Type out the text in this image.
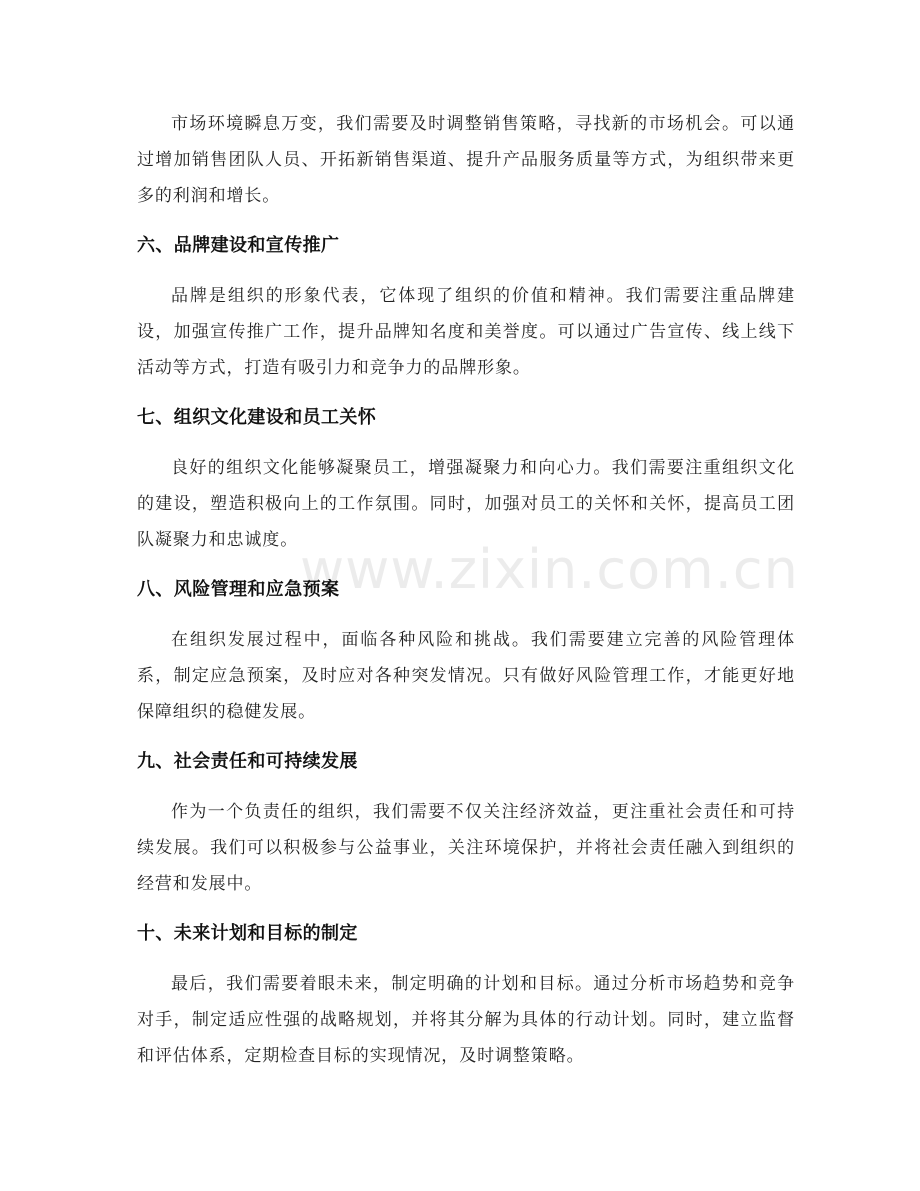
www.zixin.com.cn

市场环境瞬息万变，我们需要及时调整销售策略，寻找新的市场机会。可以通过增加销售团队人员、开拓新销售渠道、提升产品服务质量等方式，为组织带来更多的利润和增长。

六、品牌建设和宣传推广

品牌是组织的形象代表，它体现了组织的价值和精神。我们需要注重品牌建设，加强宣传推广工作，提升品牌知名度和美誉度。可以通过广告宣传、线上线下活动等方式，打造有吸引力和竞争力的品牌形象。

七、组织文化建设和员工关怀

良好的组织文化能够凝聚员工，增强凝聚力和向心力。我们需要注重组织文化的建设，塑造积极向上的工作氛围。同时，加强对员工的关怀和关怀，提高员工团队凝聚力和忠诚度。

八、风险管理和应急预案

在组织发展过程中，面临各种风险和挑战。我们需要建立完善的风险管理体系，制定应急预案，及时应对各种突发情况。只有做好风险管理工作，才能更好地保障组织的稳健发展。

九、社会责任和可持续发展

作为一个负责任的组织，我们需要不仅关注经济效益，更注重社会责任和可持续发展。我们可以积极参与公益事业，关注环境保护，并将社会责任融入到组织的经营和发展中。

十、未来计划和目标的制定

最后，我们需要着眼未来，制定明确的计划和目标。通过分析市场趋势和竞争对手，制定适应性强的战略规划，并将其分解为具体的行动计划。同时，建立监督和评估体系，定期检查目标的实现情况，及时调整策略。
